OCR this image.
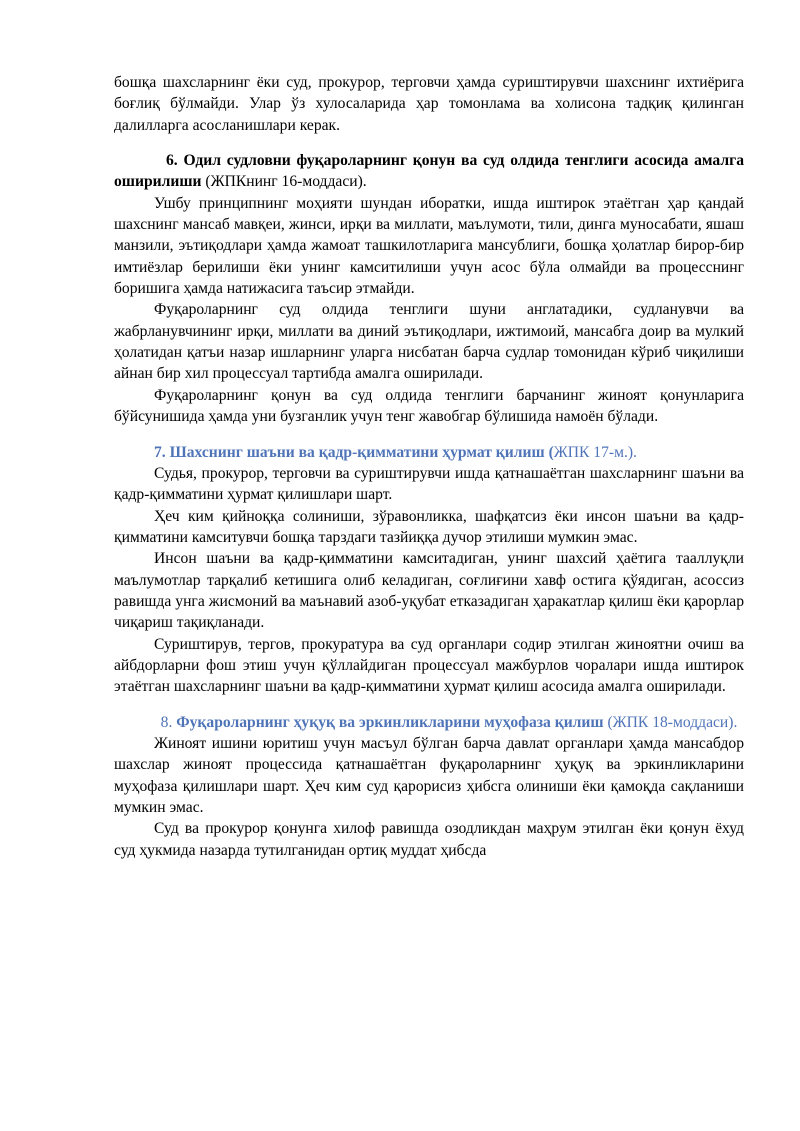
бошқа шахсларнинг ёки суд, прокурор, терговчи ҳамда суриштирувчи шахснинг ихтиёрига боғлиқ бўлмайди. Улар ўз хулосаларида ҳар томонлама ва холисона тадқиқ қилинган далилларга асосланишлари керак.

6. Одил судловни фуқароларнинг қонун ва суд олдида тенглиги асосида амалга оширилиши (ЖПКнинг 16-моддаси).

Ушбу принципнинг моҳияти шундан иборатки, ишда иштирок этаётган ҳар қандай шахснинг мансаб мавқеи, жинси, ирқи ва миллати, маълумоти, тили, динга муносабати, яшаш манзили, эътиқодлари ҳамда жамоат ташкилотларига мансублиги, бошқа ҳолатлар бирор-бир имтиёзлар берилиши ёки унинг камситилиши учун асос бўла олмайди ва процесснинг боришига ҳамда натижасига таъсир этмайди.

Фуқароларнинг суд олдида тенглиги шуни англатадики, судланувчи ва жабрланувчининг ирқи, миллати ва диний эътиқодлари, ижтимоий, мансабга доир ва мулкий ҳолатидан қатъи назар ишларнинг уларга нисбатан барча судлар томонидан кўриб чиқилиши айнан бир хил процессуал тартибда амалга оширилади.

Фуқароларнинг қонун ва суд олдида тенглиги барчанинг жиноят қонунларига бўйсунишида ҳамда уни бузганлик учун тенг жавобгар бўлишида намоён бўлади.

7. Шахснинг шаъни ва қадр-қимматини ҳурмат қилиш (ЖПК 17-м.).

Судья, прокурор, терговчи ва суриштирувчи ишда қатнашаётган шахсларнинг шаъни ва қадр-қимматини ҳурмат қилишлари шарт.

Ҳеч ким қийноққа солиниши, зўравонликка, шафқатсиз ёки инсон шаъни ва қадр-қимматини камситувчи бошқа тарздаги тазйиққа дучор этилиши мумкин эмас.

Инсон шаъни ва қадр-қимматини камситадиган, унинг шахсий ҳаётига тааллуқли маълумотлар тарқалиб кетишига олиб келадиган, соғлиғини хавф остига қўядиган, асоссиз равишда унга жисмоний ва маънавий азоб-уқубат етказадиган ҳаракатлар қилиш ёки қарорлар чиқариш тақиқланади.

Суриштирув, тергов, прокуратура ва суд органлари содир этилган жиноятни очиш ва айбдорларни фош этиш учун қўллайдиган процессуал мажбурлов чоралари ишда иштирок этаётган шахсларнинг шаъни ва қадр-қимматини ҳурмат қилиш асосида амалга оширилади.

8. Фуқароларнинг ҳуқуқ ва эркинликларини муҳофаза қилиш (ЖПК 18-моддаси).

Жиноят ишини юритиш учун масъул бўлган барча давлат органлари ҳамда мансабдор шахслар жиноят процессида қатнашаётган фуқароларнинг ҳуқуқ ва эркинликларини муҳофаза қилишлари шарт. Ҳеч ким суд қарорисиз ҳибсга олиниши ёки қамоқда сақланиши мумкин эмас.

Суд ва прокурор қонунга хилоф равишда озодликдан маҳрум этилган ёки қонун ёхуд суд ҳукмида назарда тутилганидан ортиқ муддат ҳибсда
